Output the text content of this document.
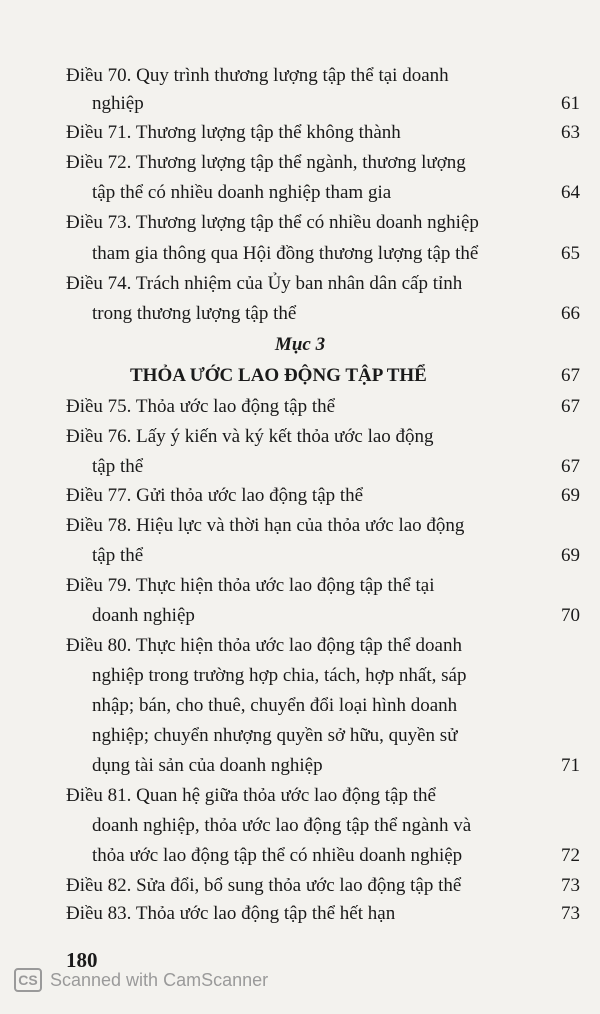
Điều 70. Quy trình thương lượng tập thể tại doanh
nghiệp	61
Điều 71. Thương lượng tập thể không thành	63
Điều 72. Thương lượng tập thể ngành, thương lượng
tập thể có nhiều doanh nghiệp tham gia	64
Điều 73. Thương lượng tập thể có nhiều doanh nghiệp
tham gia thông qua Hội đồng thương lượng tập thể	65
Điều 74. Trách nhiệm của Ủy ban nhân dân cấp tỉnh
trong thương lượng tập thể	66
Mục 3
THỎA ƯỚC LAO ĐỘNG TẬP THỂ	67
Điều 75. Thỏa ước lao động tập thể	67
Điều 76. Lấy ý kiến và ký kết thỏa ước lao động
tập thể	67
Điều 77. Gửi thỏa ước lao động tập thể	69
Điều 78. Hiệu lực và thời hạn của thỏa ước lao động
tập thể	69
Điều 79. Thực hiện thỏa ước lao động tập thể tại
doanh nghiệp	70
Điều 80. Thực hiện thỏa ước lao động tập thể doanh
nghiệp trong trường hợp chia, tách, hợp nhất, sáp
nhập; bán, cho thuê, chuyển đổi loại hình doanh
nghiệp; chuyển nhượng quyền sở hữu, quyền sử
dụng tài sản của doanh nghiệp	71
Điều 81. Quan hệ giữa thỏa ước lao động tập thể
doanh nghiệp, thỏa ước lao động tập thể ngành và
thỏa ước lao động tập thể có nhiều doanh nghiệp	72
Điều 82. Sửa đổi, bổ sung thỏa ước lao động tập thể	73
Điều 83. Thỏa ước lao động tập thể hết hạn	73
180
CS Scanned with CamScanner
